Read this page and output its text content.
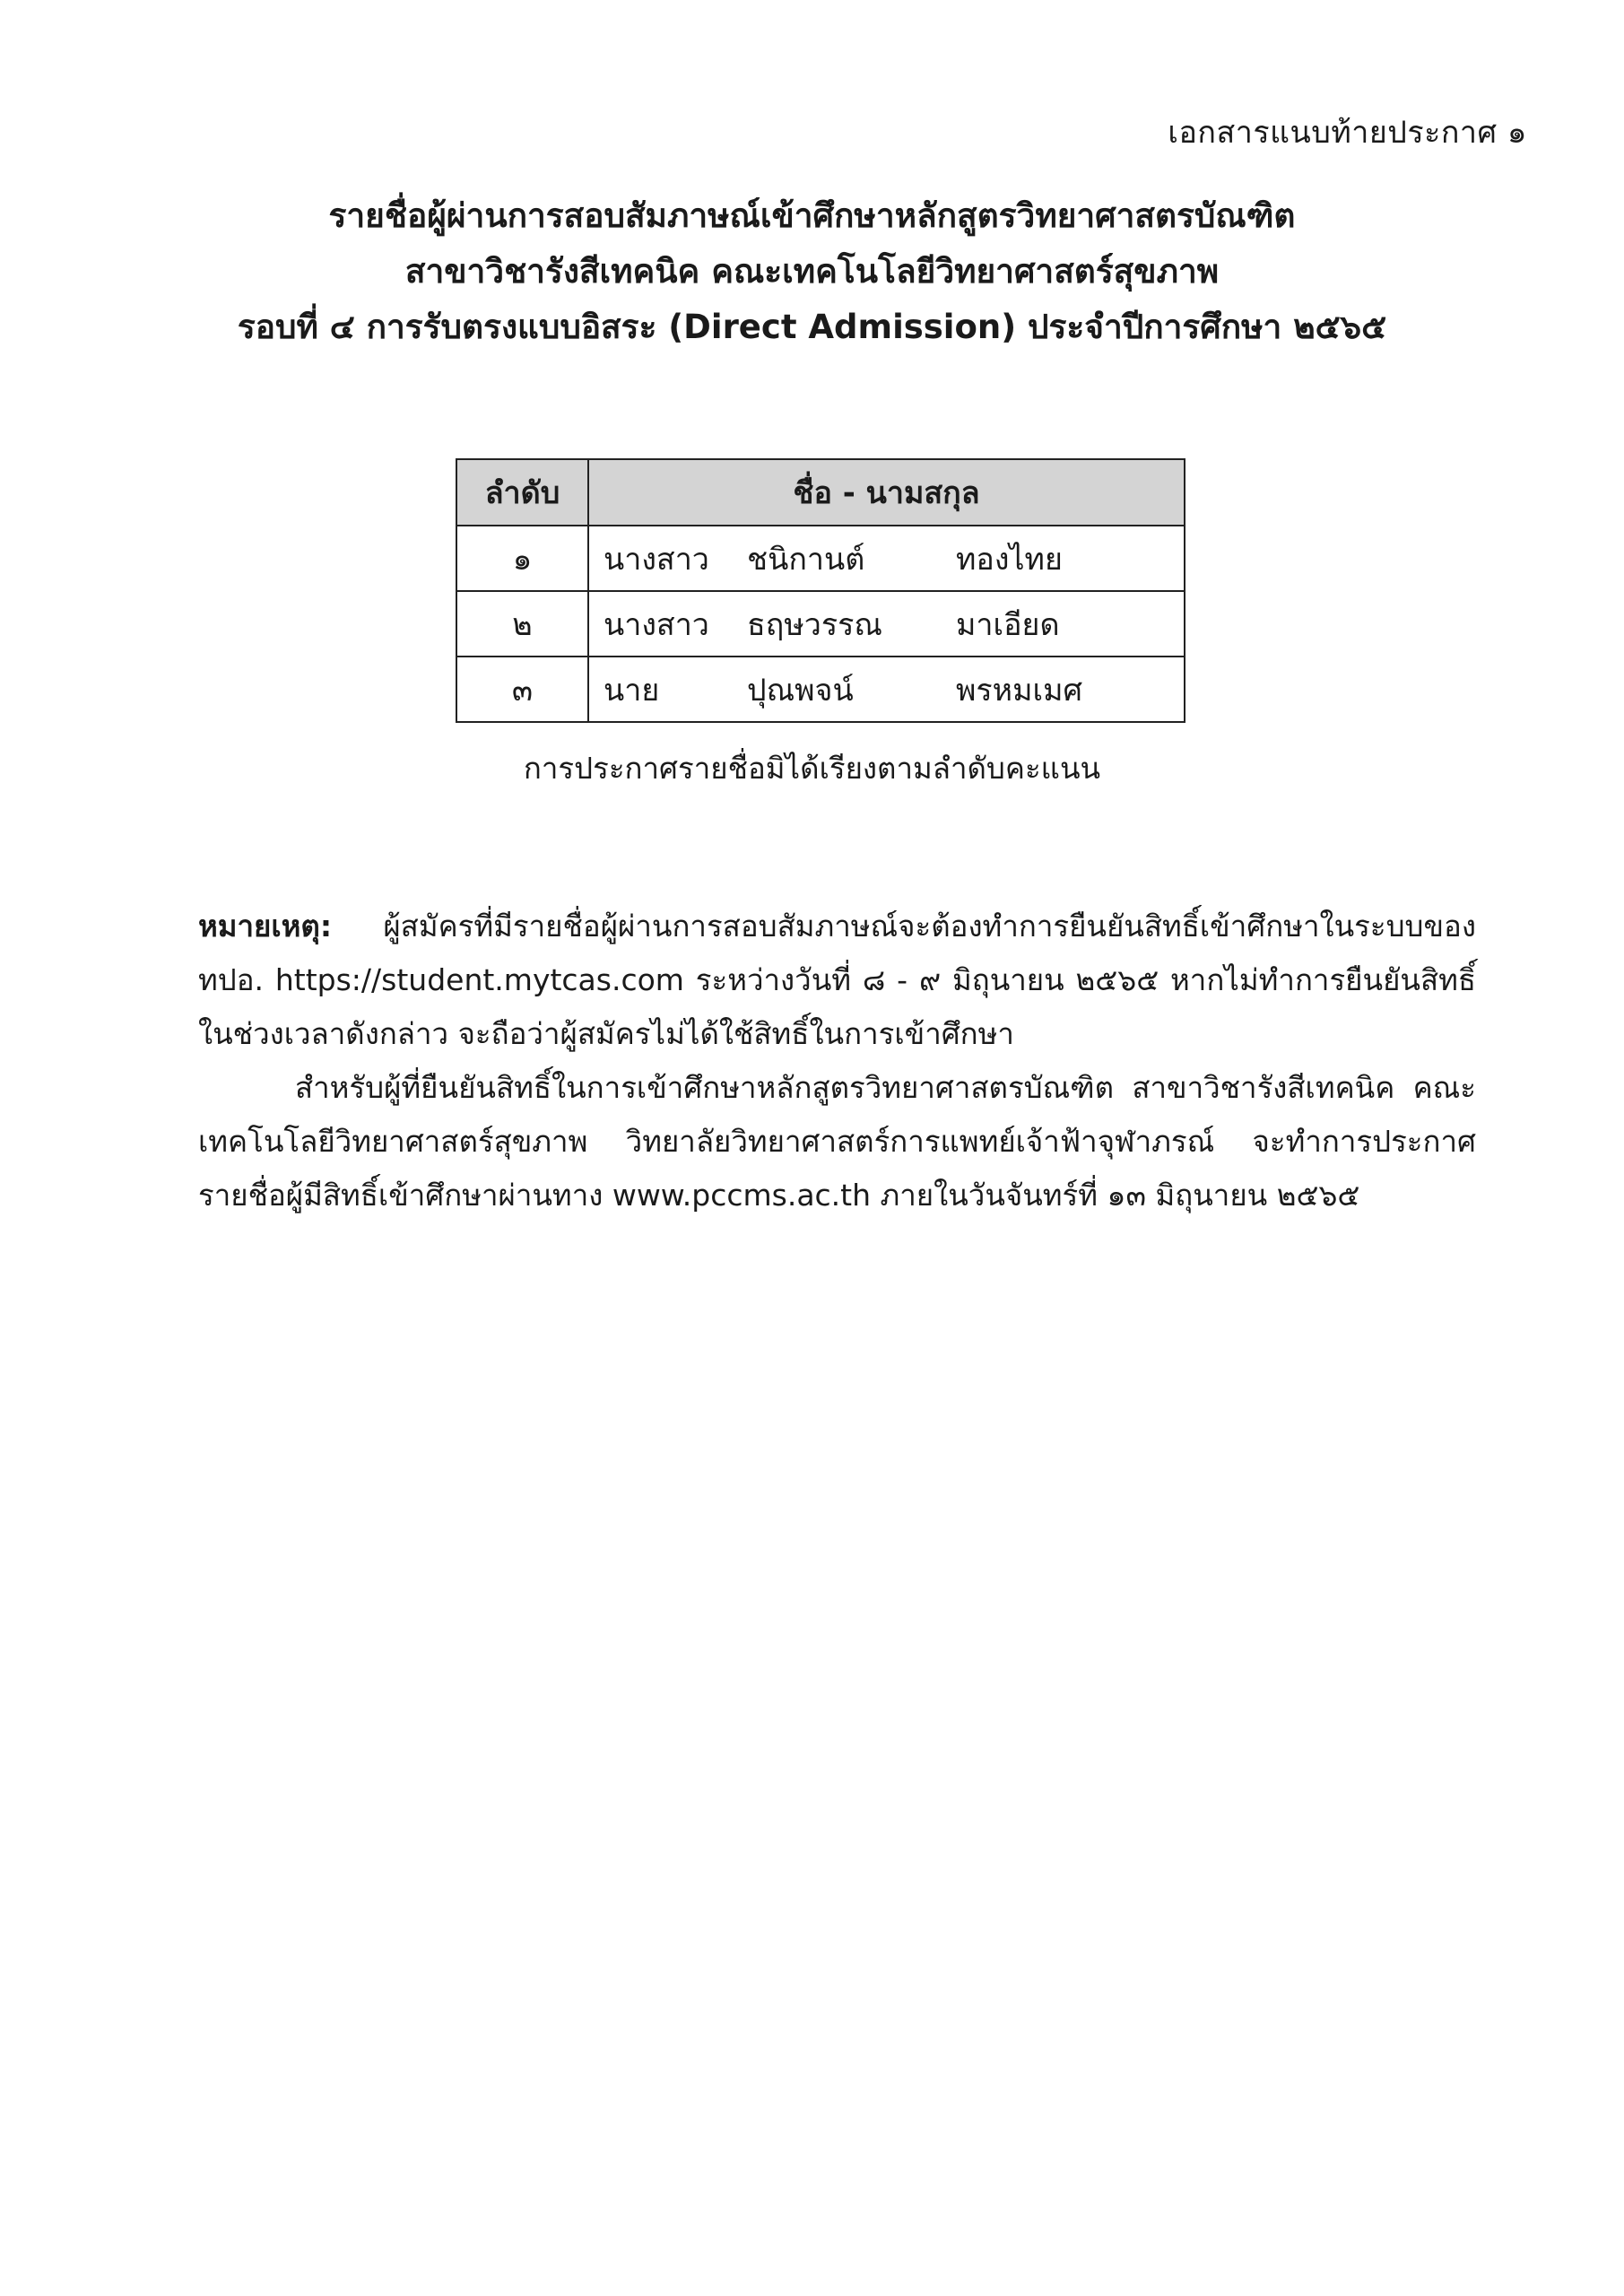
เอกสารแนบท้ายประกาศ ๑
รายชื่อผู้ผ่านการสอบสัมภาษณ์เข้าศึกษาหลักสูตรวิทยาศาสตรบัณฑิต
สาขาวิชารังสีเทคนิค คณะเทคโนโลยีวิทยาศาสตร์สุขภาพ
รอบที่ ๔ การรับตรงแบบอิสระ (Direct Admission) ประจำปีการศึกษา ๒๕๖๕
ลำดับ	ชื่อ - นามสกุล
๑	นางสาว ชนิกานต์ ทองไทย
๒	นางสาว ธฤษวรรณ มาเอียด
๓	นาย ปุณพจน์ พรหมเมศ
การประกาศรายชื่อมิได้เรียงตามลำดับคะแนน

หมายเหตุ: ผู้สมัครที่มีรายชื่อผู้ผ่านการสอบสัมภาษณ์จะต้องทำการยืนยันสิทธิ์เข้าศึกษาในระบบของ
ทปอ. https://student.mytcas.com ระหว่างวันที่ ๘ - ๙ มิถุนายน ๒๕๖๕ หากไม่ทำการยืนยันสิทธิ์
ในช่วงเวลาดังกล่าว จะถือว่าผู้สมัครไม่ได้ใช้สิทธิ์ในการเข้าศึกษา

สำหรับผู้ที่ยืนยันสิทธิ์ในการเข้าศึกษาหลักสูตรวิทยาศาสตรบัณฑิต สาขาวิชารังสีเทคนิค คณะ
เทคโนโลยีวิทยาศาสตร์สุขภาพ วิทยาลัยวิทยาศาสตร์การแพทย์เจ้าฟ้าจุฬาภรณ์ จะทำการประกาศ
รายชื่อผู้มีสิทธิ์เข้าศึกษาผ่านทาง www.pccms.ac.th ภายในวันจันทร์ที่ ๑๓ มิถุนายน ๒๕๖๕
